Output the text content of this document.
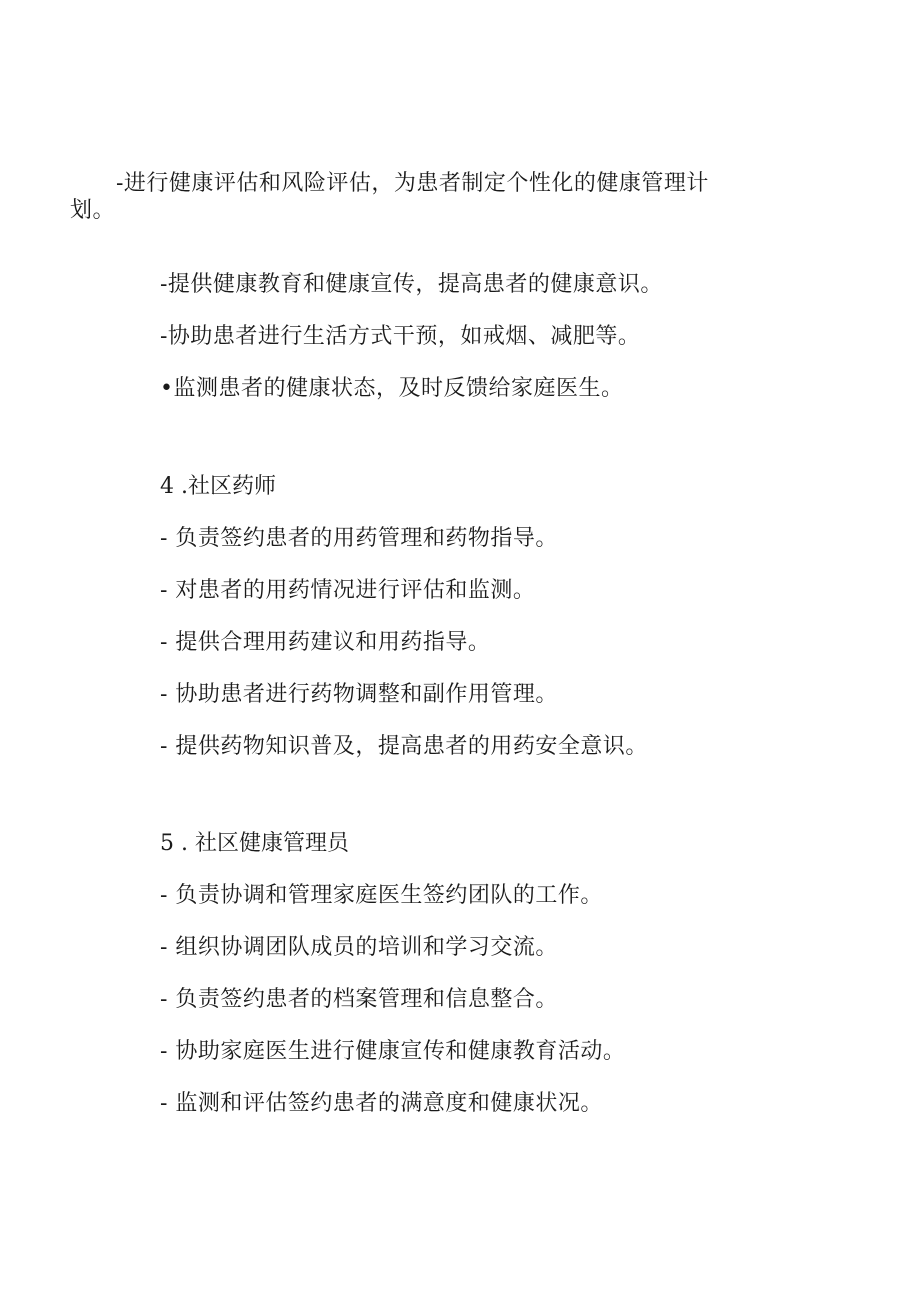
-进行健康评估和风险评估，为患者制定个性化的健康管理计
划。
-提供健康教育和健康宣传，提高患者的健康意识。
-协助患者进行生活方式干预，如戒烟、减肥等。
•监测患者的健康状态，及时反馈给家庭医生。
4 .社区药师
- 负责签约患者的用药管理和药物指导。
- 对患者的用药情况进行评估和监测。
- 提供合理用药建议和用药指导。
- 协助患者进行药物调整和副作用管理。
- 提供药物知识普及，提高患者的用药安全意识。
5 . 社区健康管理员
- 负责协调和管理家庭医生签约团队的工作。
- 组织协调团队成员的培训和学习交流。
- 负责签约患者的档案管理和信息整合。
- 协助家庭医生进行健康宣传和健康教育活动。
- 监测和评估签约患者的满意度和健康状况。
